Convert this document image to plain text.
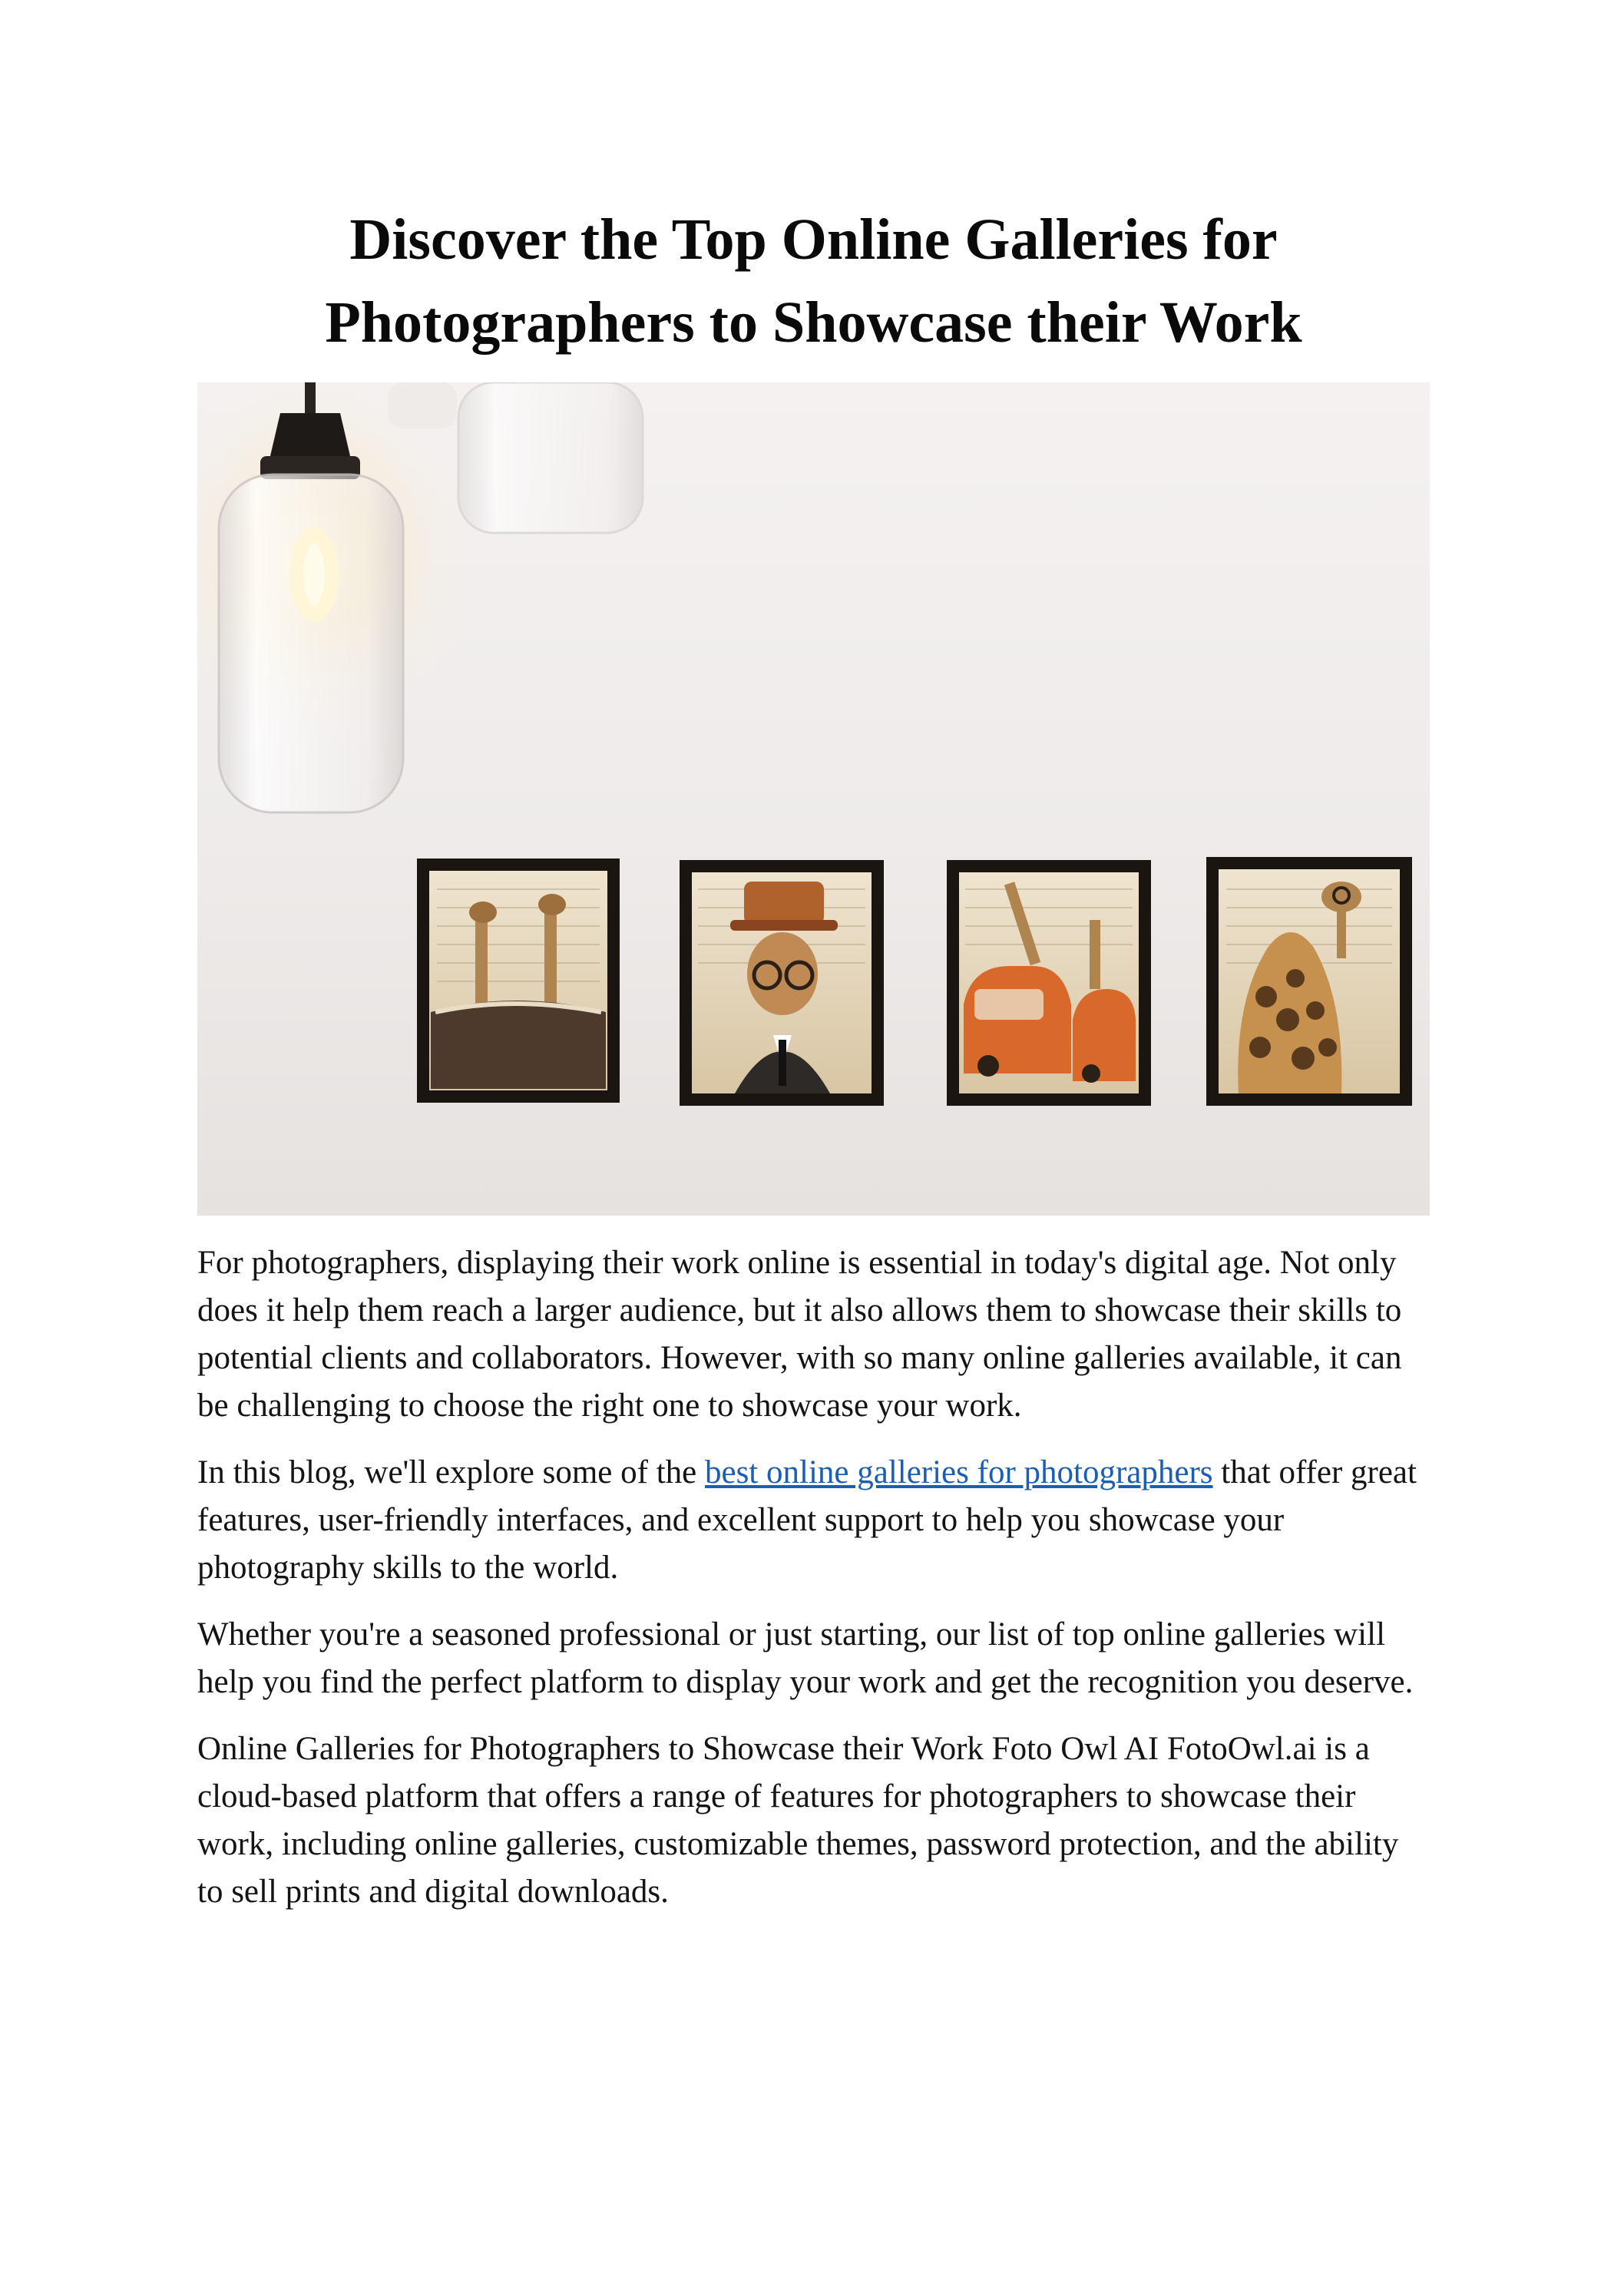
Discover the Top Online Galleries for Photographers to Showcase their Work

For photographers, displaying their work online is essential in today's digital age. Not only does it help them reach a larger audience, but it also allows them to showcase their skills to potential clients and collaborators. However, with so many online galleries available, it can be challenging to choose the right one to showcase your work.

In this blog, we'll explore some of the best online galleries for photographers that offer great features, user-friendly interfaces, and excellent support to help you showcase your photography skills to the world.

Whether you're a seasoned professional or just starting, our list of top online galleries will help you find the perfect platform to display your work and get the recognition you deserve.

Online Galleries for Photographers to Showcase their Work Foto Owl AI FotoOwl.ai is a cloud-based platform that offers a range of features for photographers to showcase their work, including online galleries, customizable themes, password protection, and the ability to sell prints and digital downloads.
